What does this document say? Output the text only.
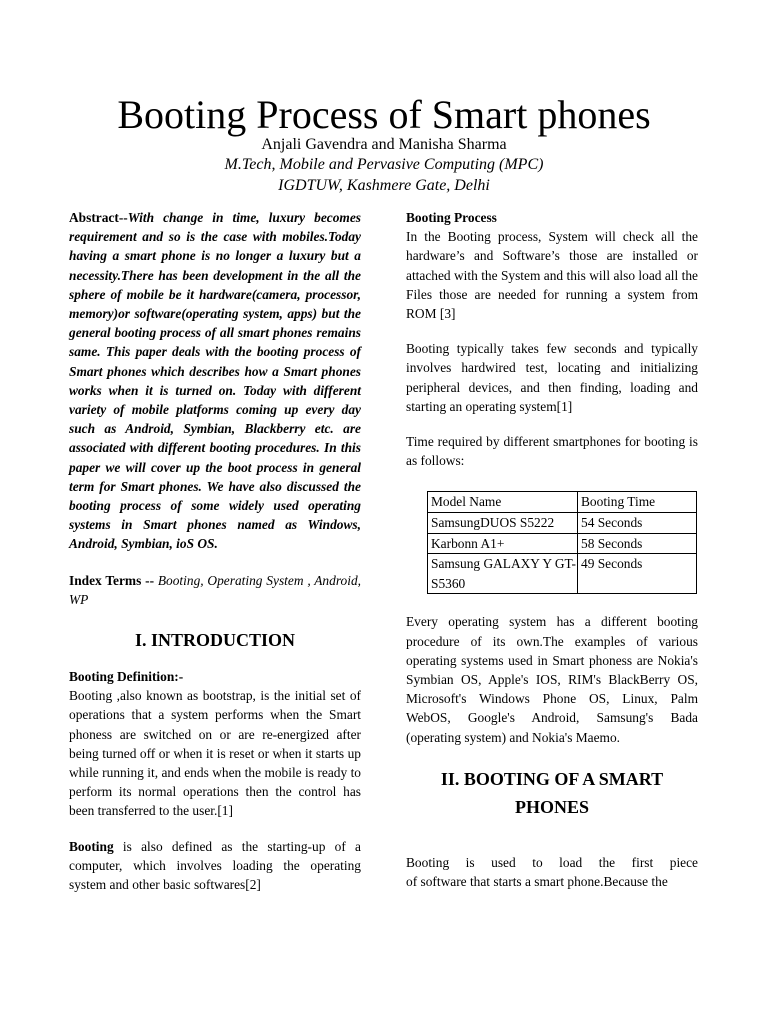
Booting Process of Smart phones
Anjali Gavendra and Manisha Sharma
M.Tech, Mobile and Pervasive Computing (MPC)
IGDTUW, Kashmere Gate, Delhi

Abstract--With change in time, luxury becomes requirement and so is the case with mobiles.Today having a smart phone is no longer a luxury but a necessity.There has been development in the all the sphere of mobile be it hardware(camera, processor, memory)or software(operating system, apps) but the general booting process of all smart phones remains same. This paper deals with the booting process of Smart phones which describes how a Smart phones works when it is turned on. Today with different variety of mobile platforms coming up every day such as Android, Symbian, Blackberry etc. are associated with different booting procedures. In this paper we will cover up the boot process in general term for Smart phones. We have also discussed the booting process of some widely used operating systems in Smart phones named as Windows, Android, Symbian, ioS OS.

Index Terms -- Booting, Operating System , Android, WP

I. INTRODUCTION

Booting Definition:-

Booting ,also known as bootstrap, is the initial set of operations that a system performs when the Smart phoness are switched on or are re-energized after being turned off or when it is reset or when it starts up while running it, and ends when the mobile is ready to perform its normal operations then the control has been transferred to the user.[1]

Booting is also defined as the starting-up of a computer, which involves loading the operating system and other basic softwares[2]

Booting Process

In the Booting process, System will check all the hardware’s and Software’s those are installed or attached with the System and this will also load all the Files those are needed for running a system from ROM [3]

Booting typically takes few seconds and typically involves hardwired test, locating and initializing peripheral devices, and then finding, loading and starting an operating system[1]

Time required by different smartphones for booting is as follows:

Model Name	Booting Time
SamsungDUOS S5222	54 Seconds
Karbonn A1+	58 Seconds
Samsung GALAXY Y GT-S5360	49 Seconds

Every operating system has a different booting procedure of its own.The examples of various operating systems used in Smart phoness are Nokia's Symbian OS, Apple's IOS, RIM's BlackBerry OS, Microsoft's Windows Phone OS, Linux, Palm WebOS, Google's Android, Samsung's Bada (operating system) and Nokia's Maemo.

II. BOOTING OF A SMART
PHONES

Booting is used to load the first piece

of software that starts a smart phone.Because the
